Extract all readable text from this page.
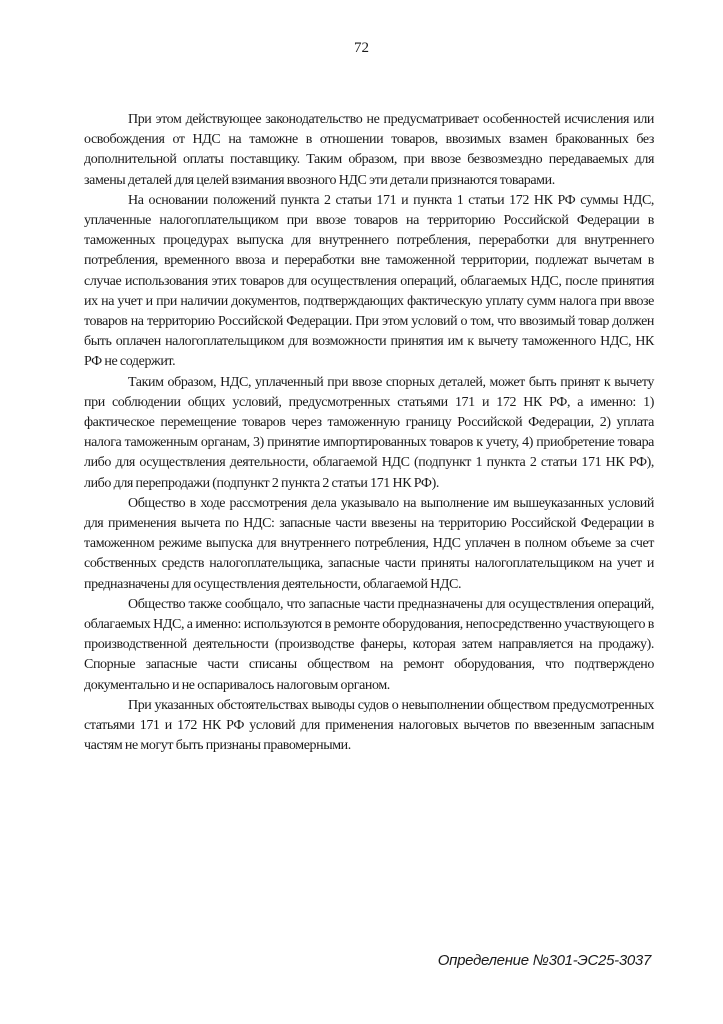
72

При этом действующее законодательство не предусматривает особенностей исчисления или освобождения от НДС на таможне в отношении товаров, ввозимых взамен бракованных без дополнительной оплаты поставщику. Таким образом, при ввозе безвозмездно передаваемых для замены деталей для целей взимания ввозного НДС эти детали признаются товарами.

На основании положений пункта 2 статьи 171 и пункта 1 статьи 172 НК РФ суммы НДС, уплаченные налогоплательщиком при ввозе товаров на территорию Российской Федерации в таможенных процедурах выпуска для внутреннего потребления, переработки для внутреннего потребления, временного ввоза и переработки вне таможенной территории, подлежат вычетам в случае использования этих товаров для осуществления операций, облагаемых НДС, после принятия их на учет и при наличии документов, подтверждающих фактическую уплату сумм налога при ввозе товаров на территорию Российской Федерации. При этом условий о том, что ввозимый товар должен быть оплачен налогоплательщиком для возможности принятия им к вычету таможенного НДС, НК РФ не содержит.

Таким образом, НДС, уплаченный при ввозе спорных деталей, может быть принят к вычету при соблюдении общих условий, предусмотренных статьями 171 и 172 НК РФ, а именно: 1) фактическое перемещение товаров через таможенную границу Российской Федерации, 2) уплата налога таможенным органам, 3) принятие импортированных товаров к учету, 4) приобретение товара либо для осуществления деятельности, облагаемой НДС (подпункт 1 пункта 2 статьи 171 НК РФ), либо для перепродажи (подпункт 2 пункта 2 статьи 171 НК РФ).

Общество в ходе рассмотрения дела указывало на выполнение им вышеуказанных условий для применения вычета по НДС: запасные части ввезены на территорию Российской Федерации в таможенном режиме выпуска для внутреннего потребления, НДС уплачен в полном объеме за счет собственных средств налогоплательщика, запасные части приняты налогоплательщиком на учет и предназначены для осуществления деятельности, облагаемой НДС.

Общество также сообщало, что запасные части предназначены для осуществления операций, облагаемых НДС, а именно: используются в ремонте оборудования, непосредственно участвующего в производственной деятельности (производстве фанеры, которая затем направляется на продажу). Спорные запасные части списаны обществом на ремонт оборудования, что подтверждено документально и не оспаривалось налоговым органом.

При указанных обстоятельствах выводы судов о невыполнении обществом предусмотренных статьями 171 и 172 НК РФ условий для применения налоговых вычетов по ввезенным запасным частям не могут быть признаны правомерными.

Определение №301-ЭС25-3037
